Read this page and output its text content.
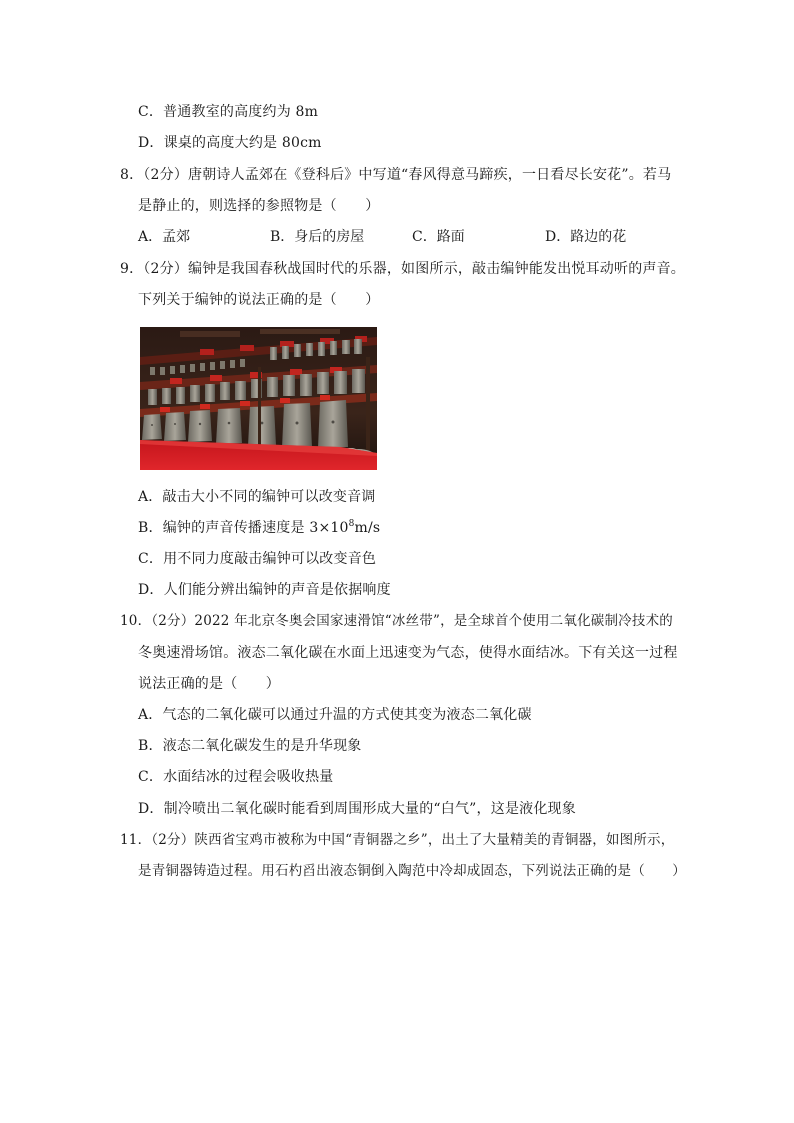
C．普通教室的高度约为 8m
D．课桌的高度大约是 80cm
8．（2分）唐朝诗人孟郊在《登科后》中写道“春风得意马蹄疾，一日看尽长安花”。若马
是静止的，则选择的参照物是（　　）
A．孟郊	B．身后的房屋	C．路面	D．路边的花
9．（2分）编钟是我国春秋战国时代的乐器，如图所示，敲击编钟能发出悦耳动听的声音。
下列关于编钟的说法正确的是（　　）
A．敲击大小不同的编钟可以改变音调
B．编钟的声音传播速度是 $3\times 10^8m/s$
C．用不同力度敲击编钟可以改变音色
D．人们能分辨出编钟的声音是依据响度
10．（2分）2022 年北京冬奥会国家速滑馆“冰丝带”，是全球首个使用二氧化碳制冷技术的
冬奥速滑场馆。液态二氧化碳在水面上迅速变为气态，使得水面结冰。下有关这一过程
说法正确的是（　　）
A．气态的二氧化碳可以通过升温的方式使其变为液态二氧化碳
B．液态二氧化碳发生的是升华现象
C．水面结冰的过程会吸收热量
D．制冷喷出二氧化碳时能看到周围形成大量的“白气”，这是液化现象
11．（2分）陕西省宝鸡市被称为中国“青铜器之乡”，出土了大量精美的青铜器，如图所示，
是青铜器铸造过程。用石杓舀出液态铜倒入陶范中冷却成固态，下列说法正确的是（　　）
